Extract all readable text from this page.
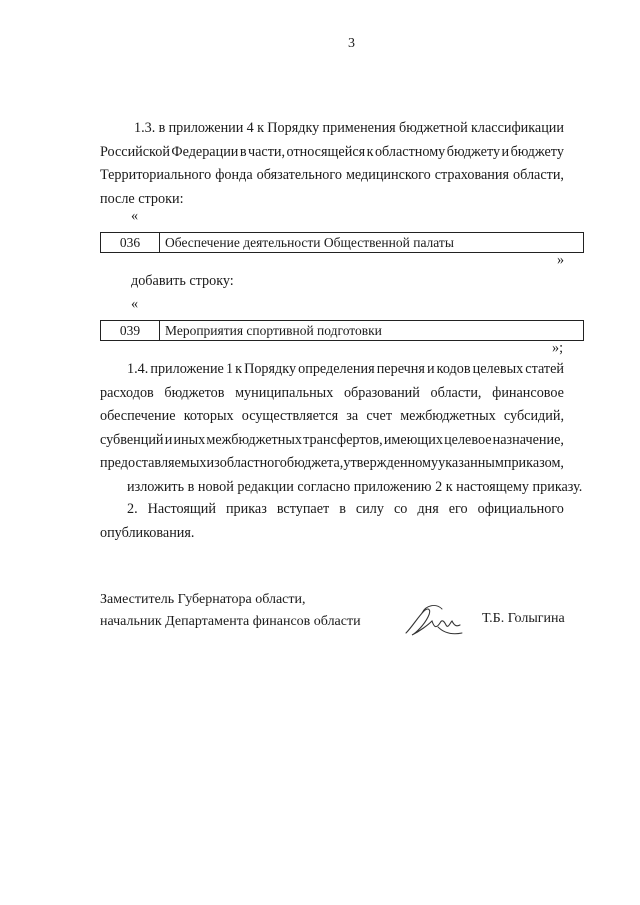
3
1.3. в приложении 4 к Порядку применения бюджетной классификации
Российской Федерации в части, относящейся к областному бюджету и бюджету
Территориального фонда обязательного медицинского страхования области,
после строки:
«
036	Обеспечение деятельности Общественной палаты
»
добавить строку:
«
039	Мероприятия спортивной подготовки
»;
1.4. приложение 1 к Порядку определения перечня и кодов целевых статей
расходов бюджетов муниципальных образований области, финансовое
обеспечение которых осуществляется за счет межбюджетных субсидий,
субвенций и иных межбюджетных трансфертов, имеющих целевое назначение,
предоставляемых из областного бюджета, утвержденному указанным приказом,
изложить в новой редакции согласно приложению 2 к настоящему приказу.
2. Настоящий приказ вступает в силу со дня его официального
опубликования.
Заместитель Губернатора области,
начальник Департамента финансов области	Т.Б. Голыгина
